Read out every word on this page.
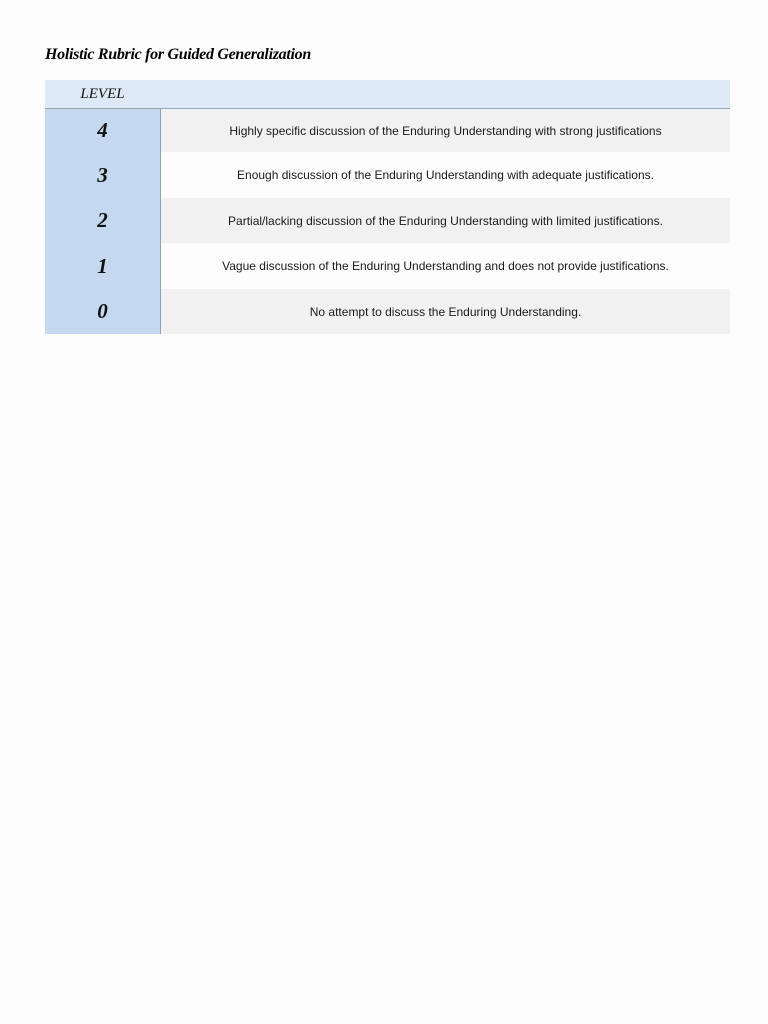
Holistic Rubric for Guided Generalization
LEVEL
4	Highly specific discussion of the Enduring Understanding with strong justifications
3	Enough discussion of the Enduring Understanding with adequate justifications.
2	Partial/lacking discussion of the Enduring Understanding with limited justifications.
1	Vague discussion of the Enduring Understanding and does not provide justifications.
0	No attempt to discuss the Enduring Understanding.
